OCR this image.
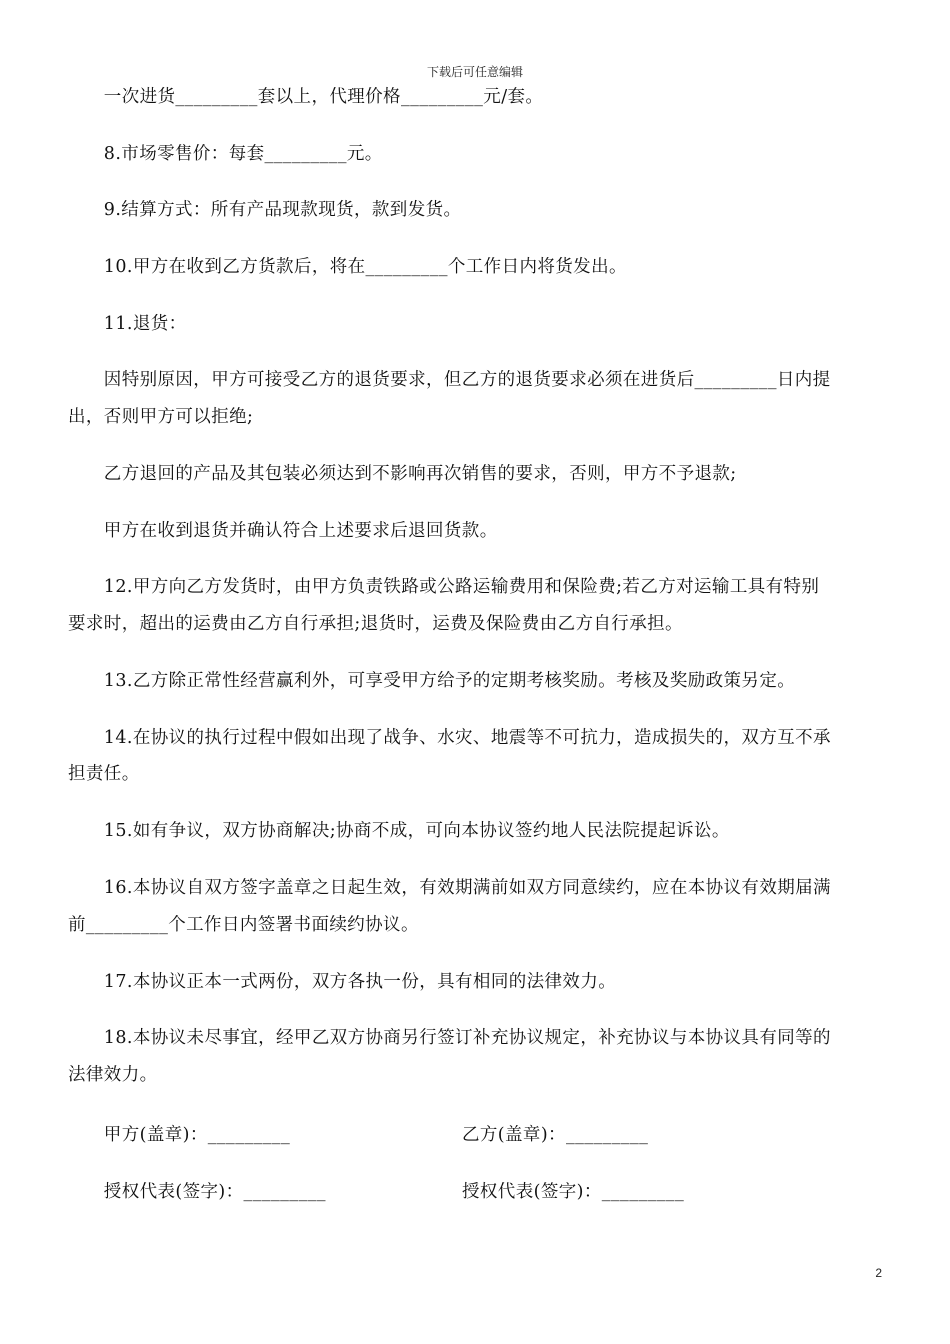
下载后可任意编辑
　　一次进货_________套以上，代理价格_________元/套。
　　8.市场零售价：每套_________元。
　　9.结算方式：所有产品现款现货，款到发货。
　　10.甲方在收到乙方货款后，将在_________个工作日内将货发出。
　　11.退货：
　　因特别原因，甲方可接受乙方的退货要求，但乙方的退货要求必须在进货后_________日内提
出，否则甲方可以拒绝;
　　乙方退回的产品及其包装必须达到不影响再次销售的要求，否则，甲方不予退款;
　　甲方在收到退货并确认符合上述要求后退回货款。
　　12.甲方向乙方发货时，由甲方负责铁路或公路运输费用和保险费;若乙方对运输工具有特别
要求时，超出的运费由乙方自行承担;退货时，运费及保险费由乙方自行承担。
　　13.乙方除正常性经营赢利外，可享受甲方给予的定期考核奖励。考核及奖励政策另定。
　　14.在协议的执行过程中假如出现了战争、水灾、地震等不可抗力，造成损失的，双方互不承
担责任。
　　15.如有争议，双方协商解决;协商不成，可向本协议签约地人民法院提起诉讼。
　　16.本协议自双方签字盖章之日起生效，有效期满前如双方同意续约，应在本协议有效期届满
前_________个工作日内签署书面续约协议。
　　17.本协议正本一式两份，双方各执一份，具有相同的法律效力。
　　18.本协议未尽事宜，经甲乙双方协商另行签订补充协议规定，补充协议与本协议具有同等的
法律效力。
　　甲方(盖章)：_________	乙方(盖章)：_________
　　授权代表(签字)：_________	授权代表(签字)：_________
2
